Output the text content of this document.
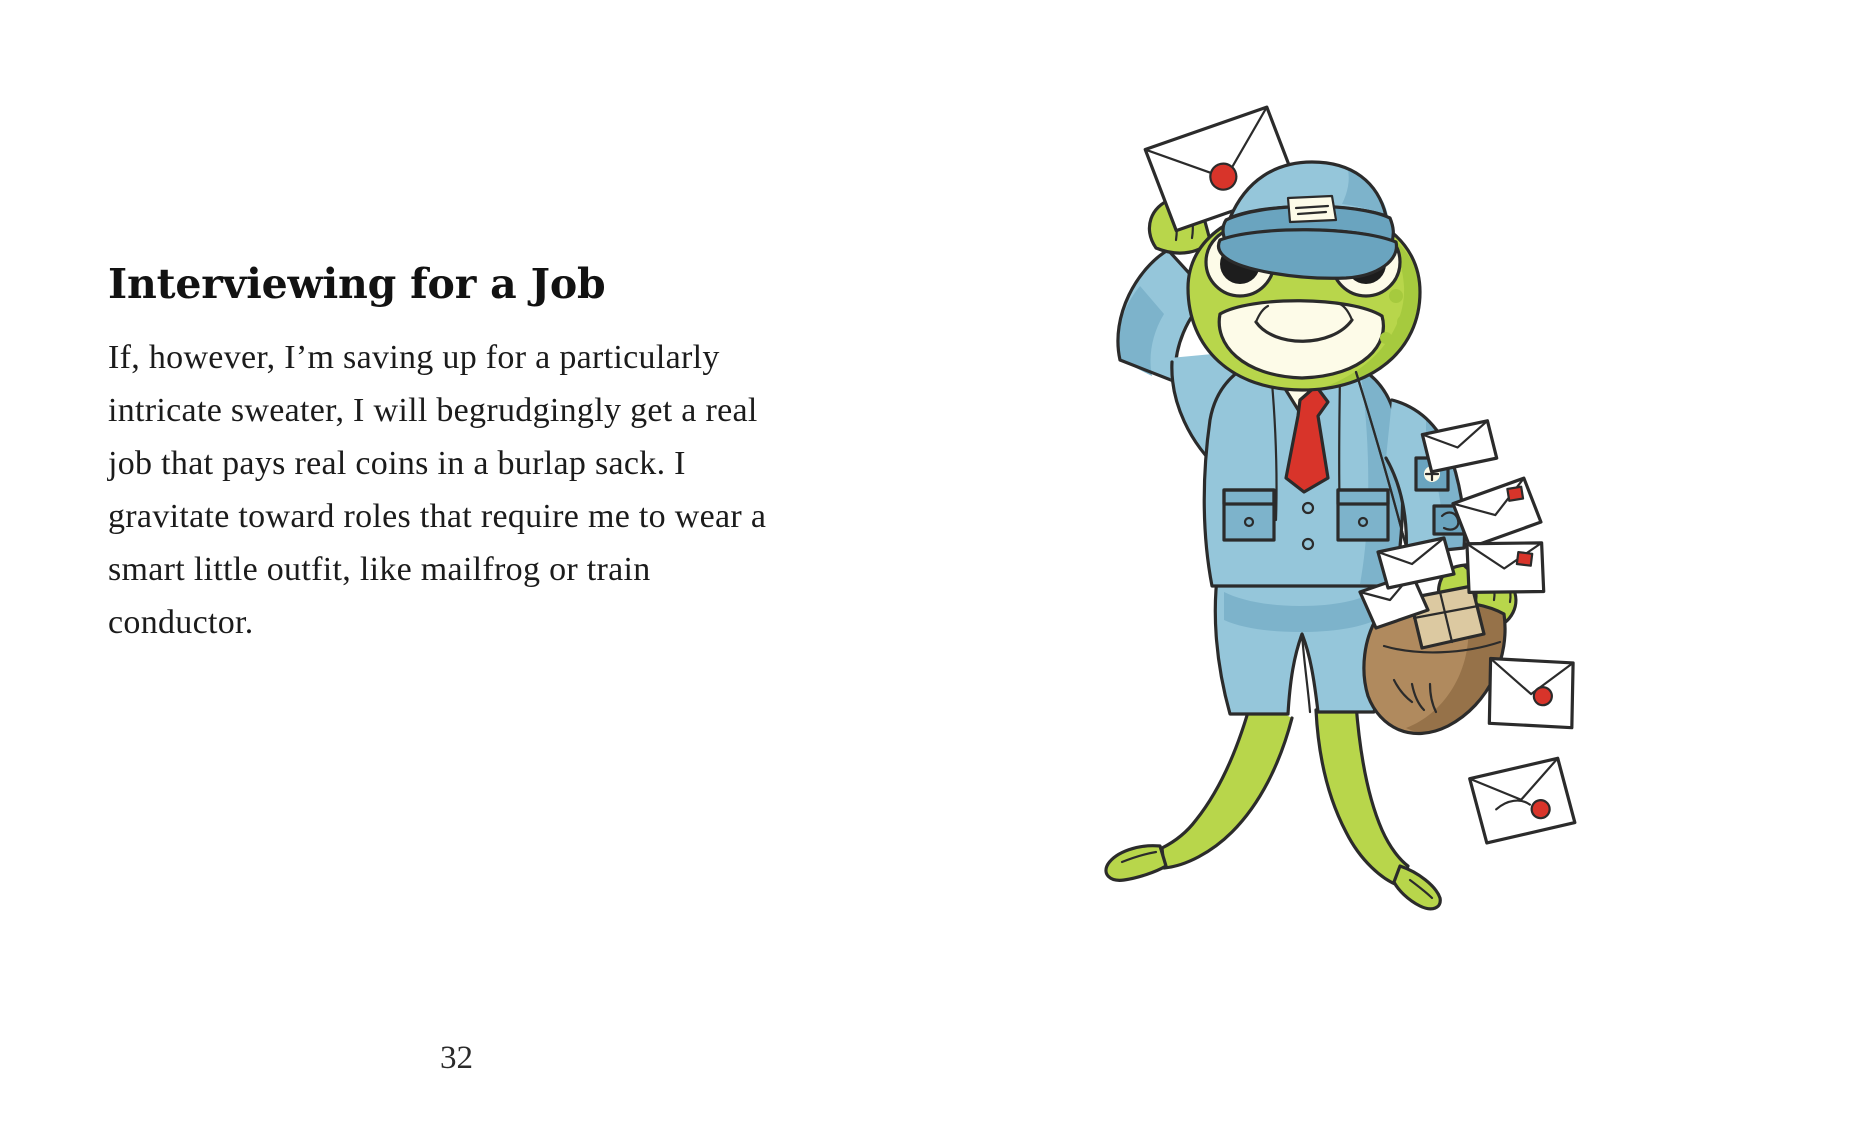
Interviewing for a Job

If, however, I’m saving up for a particularly intricate sweater, I will begrudgingly get a real job that pays real coins in a burlap sack. I gravitate toward roles that require me to wear a smart little outfit, like mailfrog or train conductor.

32
